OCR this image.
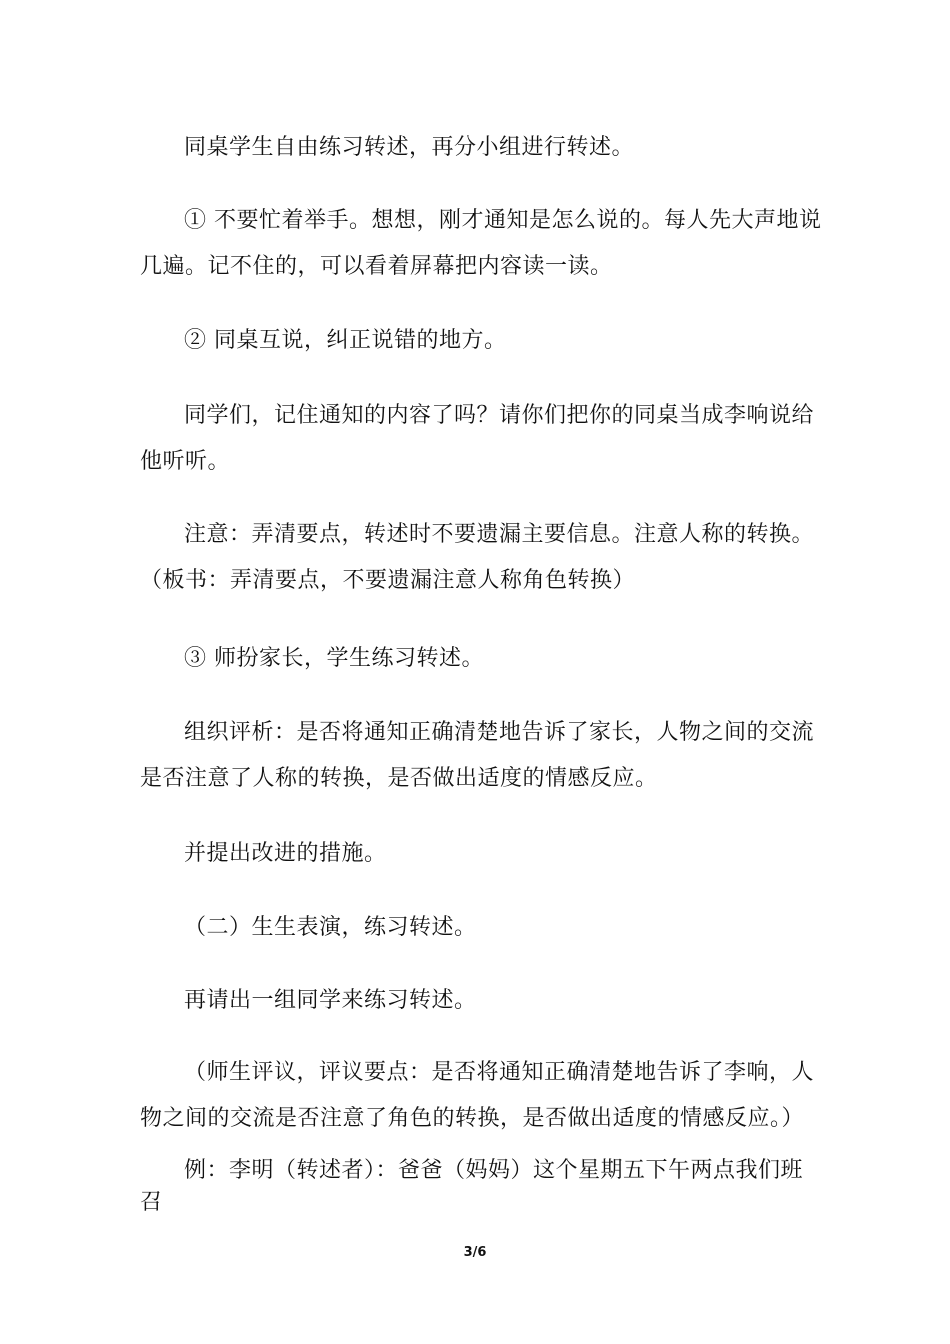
同桌学生自由练习转述，再分小组进行转述。

① 不要忙着举手。想想，刚才通知是怎么说的。每人先大声地说几遍。记不住的，可以看着屏幕把内容读一读。

② 同桌互说，纠正说错的地方。

同学们，记住通知的内容了吗？请你们把你的同桌当成李响说给他听听。

注意：弄清要点，转述时不要遗漏主要信息。注意人称的转换。（板书：弄清要点，不要遗漏注意人称角色转换）

③ 师扮家长，学生练习转述。

组织评析：是否将通知正确清楚地告诉了家长，人物之间的交流是否注意了人称的转换，是否做出适度的情感反应。

并提出改进的措施。

（二）生生表演，练习转述。

再请出一组同学来练习转述。

（师生评议，评议要点：是否将通知正确清楚地告诉了李响，人物之间的交流是否注意了角色的转换，是否做出适度的情感反应。）

例：李明（转述者）：爸爸（妈妈）这个星期五下午两点我们班召

3/6
